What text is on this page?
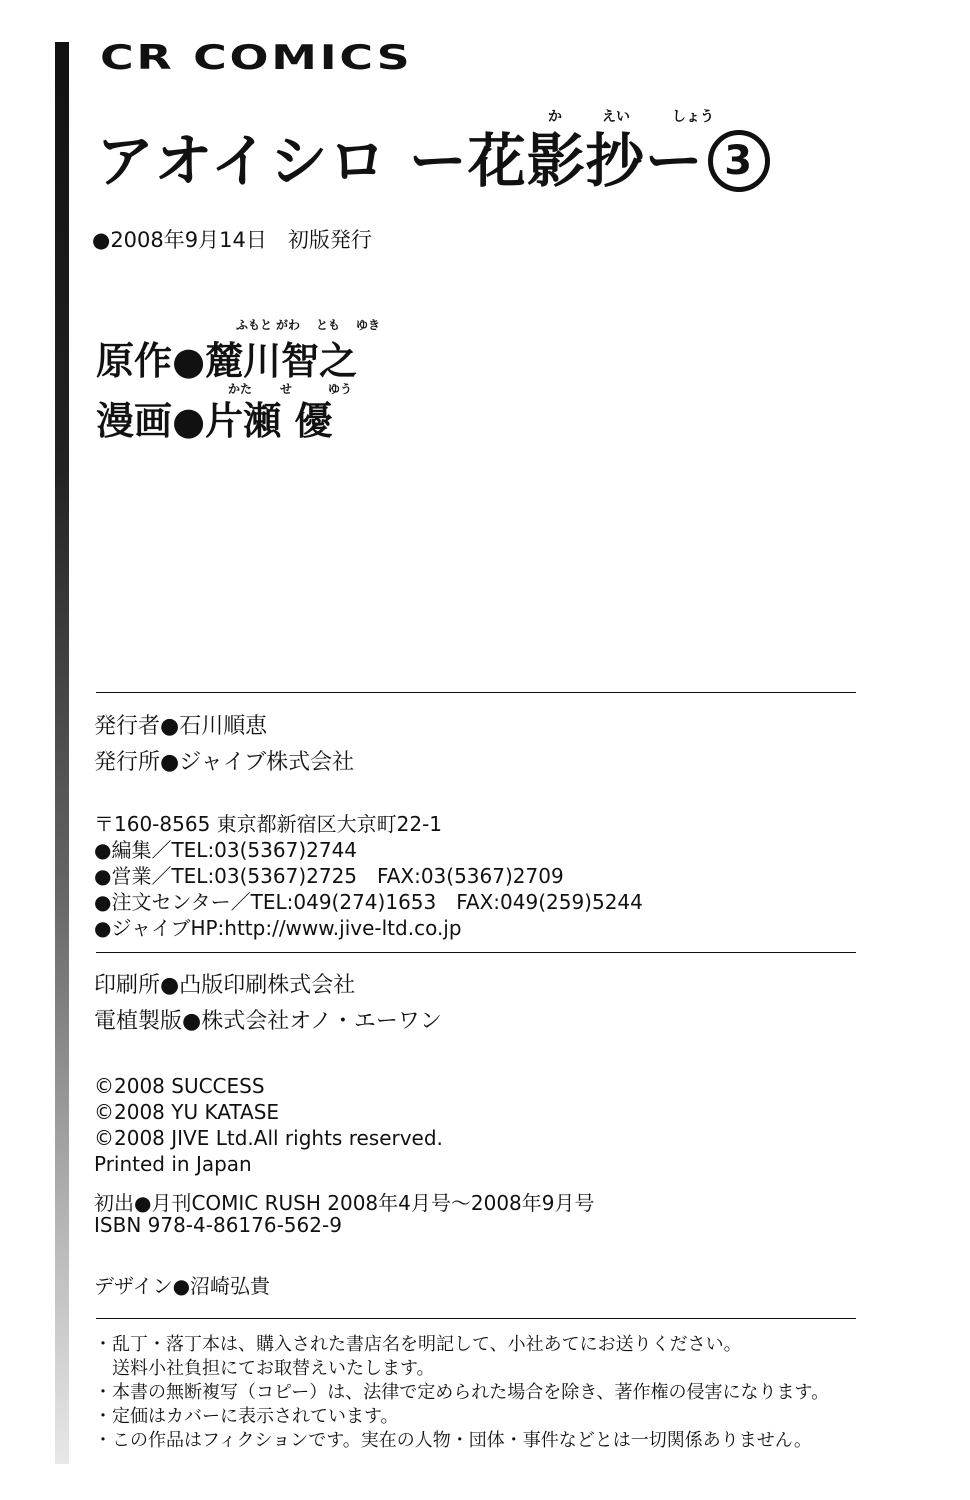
CR COMICS
か	えい	しょう
アオイシロ ー花影抄ー 3
●2008年9月14日　初版発行
ふもと がわ とも ゆき
原作●麓川智之
かた せ	ゆう
漫画●片瀬 優
発行者●石川順恵
発行所●ジャイブ株式会社
〒160-8565 東京都新宿区大京町22-1
●編集／TEL:03(5367)2744
●営業／TEL:03(5367)2725　FAX:03(5367)2709
●注文センター／TEL:049(274)1653　FAX:049(259)5244
●ジャイブHP:http://www.jive-ltd.co.jp
印刷所●凸版印刷株式会社
電植製版●株式会社オノ・エーワン
©2008 SUCCESS
©2008 YU KATASE
©2008 JIVE Ltd.All rights reserved.
Printed in Japan
初出●月刊COMIC RUSH 2008年4月号～2008年9月号
ISBN 978-4-86176-562-9
デザイン●沼崎弘貴
・乱丁・落丁本は、購入された書店名を明記して、小社あてにお送りください。
　送料小社負担にてお取替えいたします。
・本書の無断複写（コピー）は、法律で定められた場合を除き、著作権の侵害になります。
・定価はカバーに表示されています。
・この作品はフィクションです。実在の人物・団体・事件などとは一切関係ありません。
